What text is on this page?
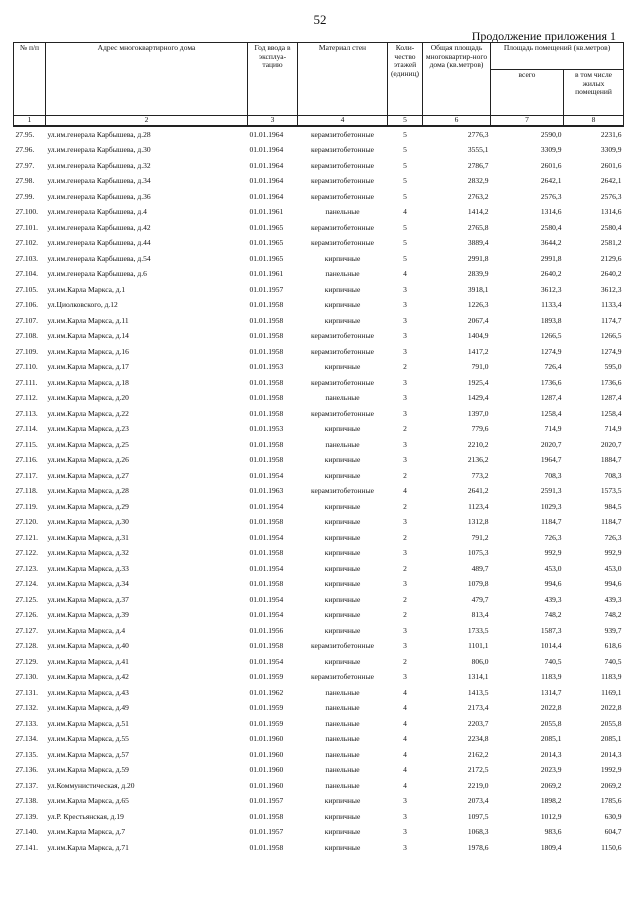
52
Продолжение приложения 1
№ п/п	Адрес многоквартирного дома	Год ввода в эксплуа-тацию	Материал стен	Коли-чество этажей (единиц)	Общая площадь многоквартир-ного дома (кв.метров)	Площадь помещений (кв.метров)	
						всего	в том числе жилых помещений
1	2	3	4	5	6	7	8
27.95.	ул.им.генерала Карбышева, д.28	01.01.1964	керамзитобетонные	5	2776,3	2590,0	2231,6
27.96.	ул.им.генерала Карбышева, д.30	01.01.1964	керамзитобетонные	5	3555,1	3309,9	3309,9
27.97.	ул.им.генерала Карбышева, д.32	01.01.1964	керамзитобетонные	5	2786,7	2601,6	2601,6
27.98.	ул.им.генерала Карбышева, д.34	01.01.1964	керамзитобетонные	5	2832,9	2642,1	2642,1
27.99.	ул.им.генерала Карбышева, д.36	01.01.1964	керамзитобетонные	5	2763,2	2576,3	2576,3
27.100.	ул.им.генерала Карбышева, д.4	01.01.1961	панельные	4	1414,2	1314,6	1314,6
27.101.	ул.им.генерала Карбышева, д.42	01.01.1965	керамзитобетонные	5	2765,8	2580,4	2580,4
27.102.	ул.им.генерала Карбышева, д.44	01.01.1965	керамзитобетонные	5	3889,4	3644,2	2581,2
27.103.	ул.им.генерала Карбышева, д.54	01.01.1965	кирпичные	5	2991,8	2991,8	2129,6
27.104.	ул.им.генерала Карбышева, д.6	01.01.1961	панельные	4	2839,9	2640,2	2640,2
27.105.	ул.им.Карла Маркса, д.1	01.01.1957	кирпичные	3	3918,1	3612,3	3612,3
27.106.	ул.Циолковского, д.12	01.01.1958	кирпичные	3	1226,3	1133,4	1133,4
27.107.	ул.им.Карла Маркса, д.11	01.01.1958	кирпичные	3	2067,4	1893,8	1174,7
27.108.	ул.им.Карла Маркса, д.14	01.01.1958	керамзитобетонные	3	1404,9	1266,5	1266,5
27.109.	ул.им.Карла Маркса, д.16	01.01.1958	керамзитобетонные	3	1417,2	1274,9	1274,9
27.110.	ул.им.Карла Маркса, д.17	01.01.1953	кирпичные	2	791,0	726,4	595,0
27.111.	ул.им.Карла Маркса, д.18	01.01.1958	керамзитобетонные	3	1925,4	1736,6	1736,6
27.112.	ул.им.Карла Маркса, д.20	01.01.1958	панельные	3	1429,4	1287,4	1287,4
27.113.	ул.им.Карла Маркса, д.22	01.01.1958	керамзитобетонные	3	1397,0	1258,4	1258,4
27.114.	ул.им.Карла Маркса, д.23	01.01.1953	кирпичные	2	779,6	714,9	714,9
27.115.	ул.им.Карла Маркса, д.25	01.01.1958	панельные	3	2210,2	2020,7	2020,7
27.116.	ул.им.Карла Маркса, д.26	01.01.1958	кирпичные	3	2136,2	1964,7	1884,7
27.117.	ул.им.Карла Маркса, д.27	01.01.1954	кирпичные	2	773,2	708,3	708,3
27.118.	ул.им.Карла Маркса, д.28	01.01.1963	керамзитобетонные	4	2641,2	2591,3	1573,5
27.119.	ул.им.Карла Маркса, д.29	01.01.1954	кирпичные	2	1123,4	1029,3	984,5
27.120.	ул.им.Карла Маркса, д.30	01.01.1958	кирпичные	3	1312,8	1184,7	1184,7
27.121.	ул.им.Карла Маркса, д.31	01.01.1954	кирпичные	2	791,2	726,3	726,3
27.122.	ул.им.Карла Маркса, д.32	01.01.1958	кирпичные	3	1075,3	992,9	992,9
27.123.	ул.им.Карла Маркса, д.33	01.01.1954	кирпичные	2	489,7	453,0	453,0
27.124.	ул.им.Карла Маркса, д.34	01.01.1958	кирпичные	3	1079,8	994,6	994,6
27.125.	ул.им.Карла Маркса, д.37	01.01.1954	кирпичные	2	479,7	439,3	439,3
27.126.	ул.им.Карла Маркса, д.39	01.01.1954	кирпичные	2	813,4	748,2	748,2
27.127.	ул.им.Карла Маркса, д.4	01.01.1956	кирпичные	3	1733,5	1587,3	939,7
27.128.	ул.им.Карла Маркса, д.40	01.01.1958	керамзитобетонные	3	1101,1	1014,4	618,6
27.129.	ул.им.Карла Маркса, д.41	01.01.1954	кирпичные	2	806,0	740,5	740,5
27.130.	ул.им.Карла Маркса, д.42	01.01.1959	керамзитобетонные	3	1314,1	1183,9	1183,9
27.131.	ул.им.Карла Маркса, д.43	01.01.1962	панельные	4	1413,5	1314,7	1169,1
27.132.	ул.им.Карла Маркса, д.49	01.01.1959	панельные	4	2173,4	2022,8	2022,8
27.133.	ул.им.Карла Маркса, д.51	01.01.1959	панельные	4	2203,7	2055,8	2055,8
27.134.	ул.им.Карла Маркса, д.55	01.01.1960	панельные	4	2234,8	2085,1	2085,1
27.135.	ул.им.Карла Маркса, д.57	01.01.1960	панельные	4	2162,2	2014,3	2014,3
27.136.	ул.им.Карла Маркса, д.59	01.01.1960	панельные	4	2172,5	2023,9	1992,9
27.137.	ул.Коммунистическая, д.20	01.01.1960	панельные	4	2219,0	2069,2	2069,2
27.138.	ул.им.Карла Маркса, д.65	01.01.1957	кирпичные	3	2073,4	1898,2	1785,6
27.139.	ул.Р. Крестьянская, д.19	01.01.1958	кирпичные	3	1097,5	1012,9	630,9
27.140.	ул.им.Карла Маркса, д.7	01.01.1957	кирпичные	3	1068,3	983,6	604,7
27.141.	ул.им.Карла Маркса, д.71	01.01.1958	кирпичные	3	1978,6	1809,4	1150,6
